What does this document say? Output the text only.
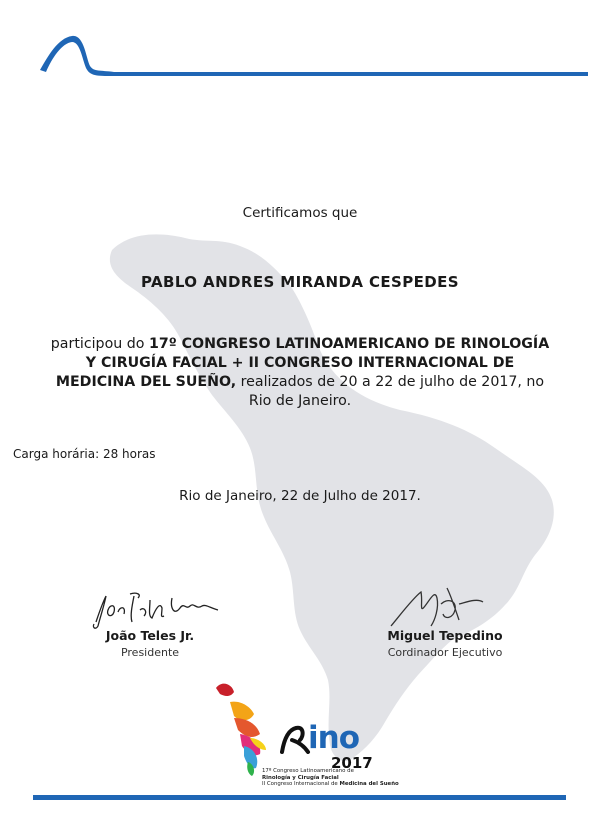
Certificamos que
PABLO ANDRES MIRANDA CESPEDES
participou do 17º CONGRESO LATINOAMERICANO DE RINOLOGÍA
Y CIRUGÍA FACIAL + II CONGRESO INTERNACIONAL DE
MEDICINA DEL SUEÑO, realizados de 20 a 22 de julho de 2017, no
Rio de Janeiro.
Carga horária: 28 horas
Rio de Janeiro, 22 de Julho de 2017.
João Teles Jr.
Presidente
Miguel Tepedino
Cordinador Ejecutivo
ino
2017
17º Congreso Latinoamericano de
Rinología y Cirugía Facial
II Congreso Internacional de Medicina del Sueño
